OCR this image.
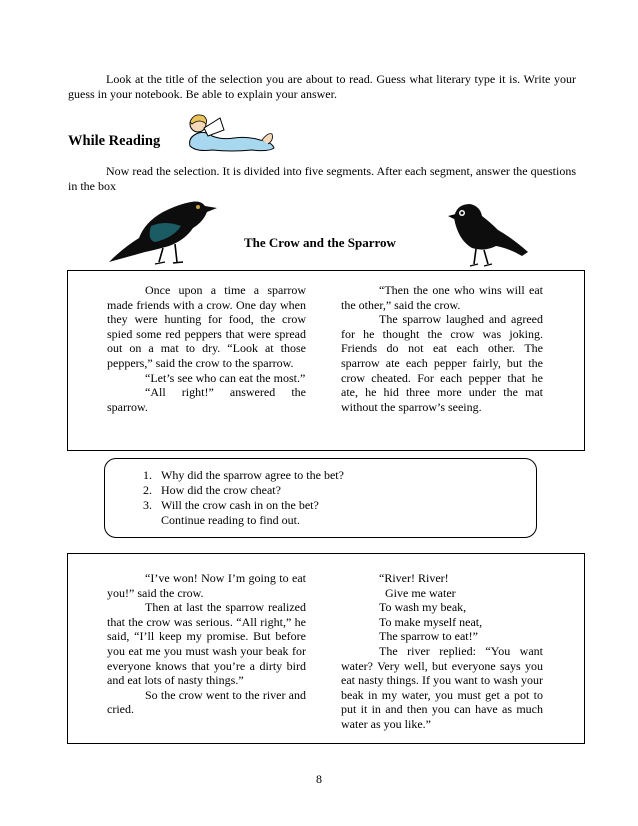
Look at the title of the selection you are about to read. Guess what literary type it is. Write your guess in your notebook. Be able to explain your answer.

While Reading

Now read the selection. It is divided into five segments. After each segment, answer the questions in the box

The Crow and the Sparrow

Once upon a time a sparrow made friends with a crow. One day when they were hunting for food, the crow spied some red peppers that were spread out on a mat to dry. “Look at those peppers,” said the crow to the sparrow.

“Let’s see who can eat the most.”

“All right!” answered the sparrow.

“Then the one who wins will eat the other,” said the crow.

The sparrow laughed and agreed for he thought the crow was joking. Friends do not eat each other. The sparrow ate each pepper fairly, but the crow cheated. For each pepper that he ate, he hid three more under the mat without the sparrow’s seeing.

1. Why did the sparrow agree to the bet?
2. How did the crow cheat?
3. Will the crow cash in on the bet?
Continue reading to find out.

“I’ve won! Now I’m going to eat you!” said the crow.

Then at last the sparrow realized that the crow was serious. “All right,” he said, “I’ll keep my promise. But before you eat me you must wash your beak for everyone knows that you’re a dirty bird and eat lots of nasty things.”

So the crow went to the river and cried.

“River! River!

Give me water

To wash my beak,

To make myself neat,

The sparrow to eat!”

The river replied: “You want water? Very well, but everyone says you eat nasty things. If you want to wash your beak in my water, you must get a pot to put it in and then you can have as much water as you like.”

8
